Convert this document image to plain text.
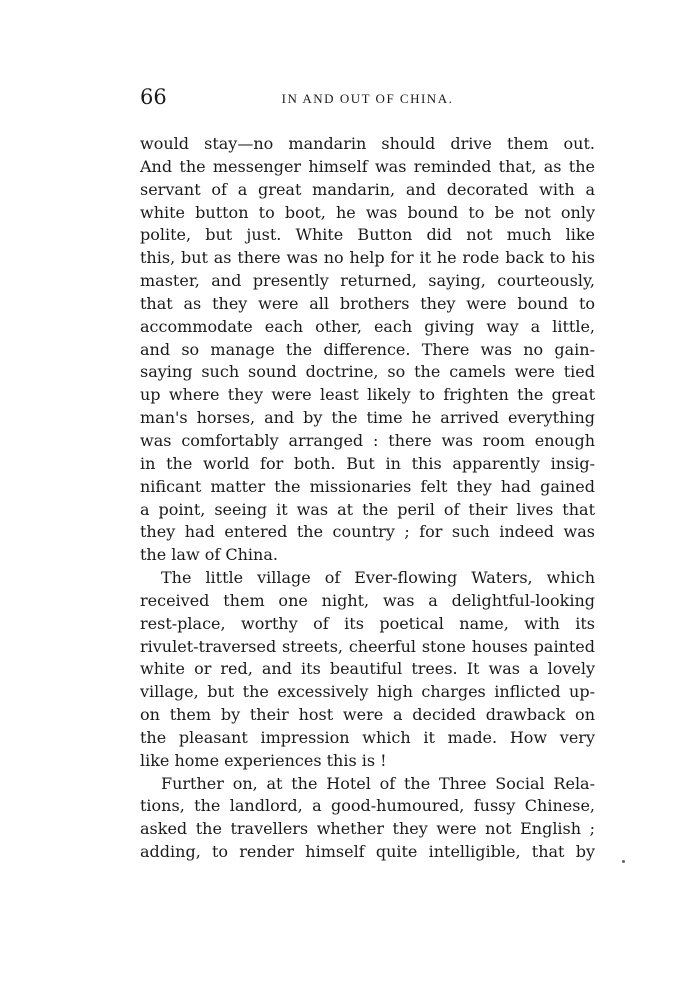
66	IN AND OUT OF CHINA.
would stay—no mandarin should drive them out.
And the messenger himself was reminded that, as the
servant of a great mandarin, and decorated with a
white button to boot, he was bound to be not only
polite, but just. White Button did not much like
this, but as there was no help for it he rode back to his
master, and presently returned, saying, courteously,
that as they were all brothers they were bound to
accommodate each other, each giving way a little,
and so manage the difference. There was no gain-
saying such sound doctrine, so the camels were tied
up where they were least likely to frighten the great
man's horses, and by the time he arrived everything
was comfortably arranged : there was room enough
in the world for both. But in this apparently insig-
nificant matter the missionaries felt they had gained
a point, seeing it was at the peril of their lives that
they had entered the country ; for such indeed was
the law of China.
The little village of Ever-flowing Waters, which
received them one night, was a delightful-looking
rest-place, worthy of its poetical name, with its
rivulet-traversed streets, cheerful stone houses painted
white or red, and its beautiful trees. It was a lovely
village, but the excessively high charges inflicted up-
on them by their host were a decided drawback on
the pleasant impression which it made. How very
like home experiences this is !
Further on, at the Hotel of the Three Social Rela-
tions, the landlord, a good-humoured, fussy Chinese,
asked the travellers whether they were not English ;
adding, to render himself quite intelligible, that by
